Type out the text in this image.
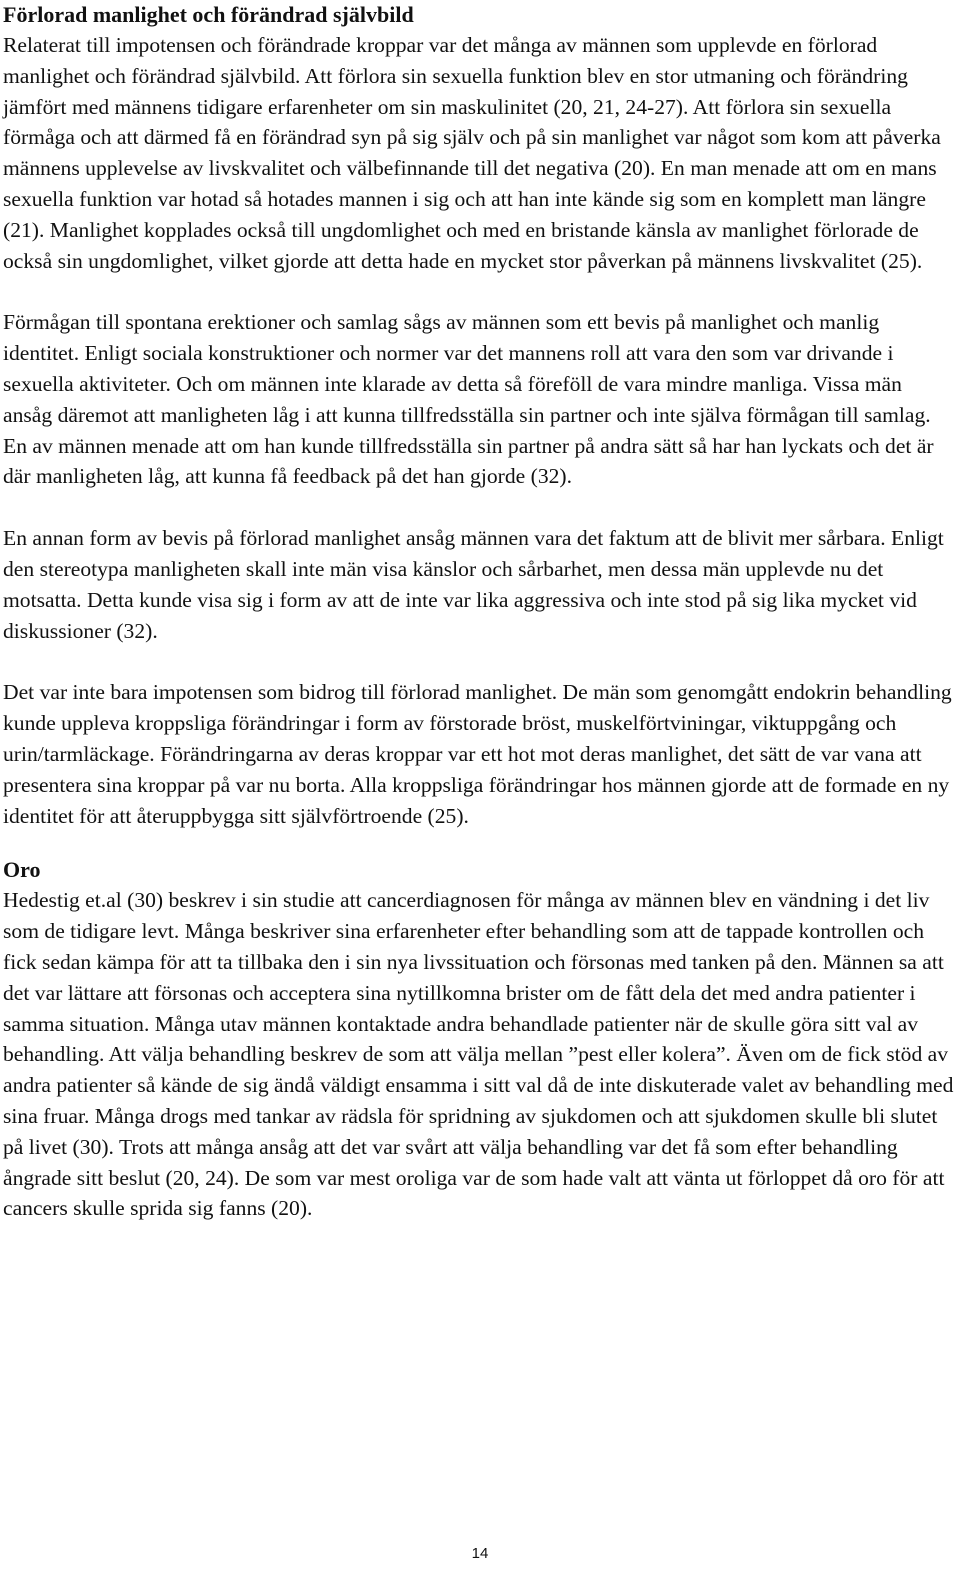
Förlorad manlighet och förändrad självbild

Relaterat till impotensen och förändrade kroppar var det många av männen som upplevde en förlorad manlighet och förändrad självbild. Att förlora sin sexuella funktion blev en stor utmaning och förändring jämfört med männens tidigare erfarenheter om sin maskulinitet (20, 21, 24-27). Att förlora sin sexuella förmåga och att därmed få en förändrad syn på sig själv och på sin manlighet var något som kom att påverka männens upplevelse av livskvalitet och välbefinnande till det negativa (20). En man menade att om en mans sexuella funktion var hotad så hotades mannen i sig och att han inte kände sig som en komplett man längre (21). Manlighet kopplades också till ungdomlighet och med en bristande känsla av manlighet förlorade de också sin ungdomlighet, vilket gjorde att detta hade en mycket stor påverkan på männens livskvalitet (25).

Förmågan till spontana erektioner och samlag sågs av männen som ett bevis på manlighet och manlig identitet. Enligt sociala konstruktioner och normer var det mannens roll att vara den som var drivande i sexuella aktiviteter. Och om männen inte klarade av detta så föreföll de vara mindre manliga. Vissa män ansåg däremot att manligheten låg i att kunna tillfredsställa sin partner och inte själva förmågan till samlag. En av männen menade att om han kunde tillfredsställa sin partner på andra sätt så har han lyckats och det är där manligheten låg, att kunna få feedback på det han gjorde (32).

En annan form av bevis på förlorad manlighet ansåg männen vara det faktum att de blivit mer sårbara. Enligt den stereotypa manligheten skall inte män visa känslor och sårbarhet, men dessa män upplevde nu det motsatta. Detta kunde visa sig i form av att de inte var lika aggressiva och inte stod på sig lika mycket vid diskussioner (32).

Det var inte bara impotensen som bidrog till förlorad manlighet. De män som genomgått endokrin behandling kunde uppleva kroppsliga förändringar i form av förstorade bröst, muskelförtviningar, viktuppgång och urin/tarmläckage. Förändringarna av deras kroppar var ett hot mot deras manlighet, det sätt de var vana att presentera sina kroppar på var nu borta. Alla kroppsliga förändringar hos männen gjorde att de formade en ny identitet för att återuppbygga sitt självförtroende (25).

Oro

Hedestig et.al (30) beskrev i sin studie att cancerdiagnosen för många av männen blev en vändning i det liv som de tidigare levt. Många beskriver sina erfarenheter efter behandling som att de tappade kontrollen och fick sedan kämpa för att ta tillbaka den i sin nya livssituation och försonas med tanken på den. Männen sa att det var lättare att försonas och acceptera sina nytillkomna brister om de fått dela det med andra patienter i samma situation. Många utav männen kontaktade andra behandlade patienter när de skulle göra sitt val av behandling. Att välja behandling beskrev de som att välja mellan ”pest eller kolera”. Även om de fick stöd av andra patienter så kände de sig ändå väldigt ensamma i sitt val då de inte diskuterade valet av behandling med sina fruar. Många drogs med tankar av rädsla för spridning av sjukdomen och att sjukdomen skulle bli slutet på livet (30). Trots att många ansåg att det var svårt att välja behandling var det få som efter behandling ångrade sitt beslut (20, 24). De som var mest oroliga var de som hade valt att vänta ut förloppet då oro för att cancers skulle sprida sig fanns (20).

14
